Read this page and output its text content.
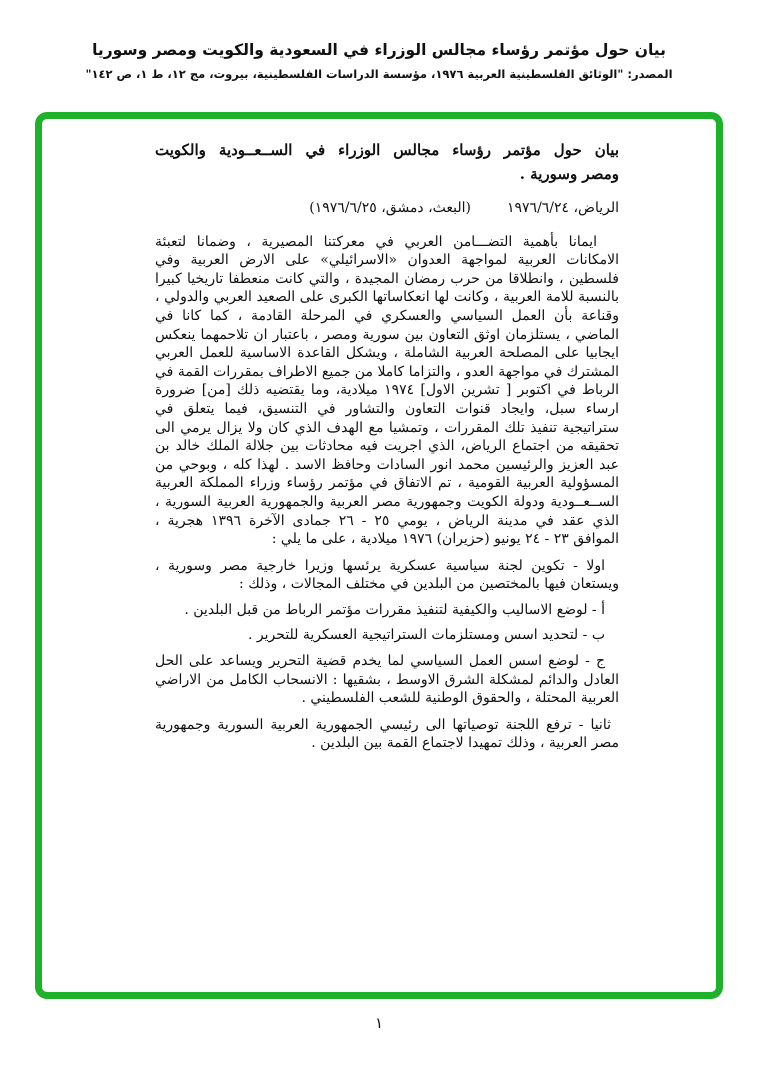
بيان حول مؤتمر رؤساء مجالس الوزراء في السعودية والكويت ومصر وسوريا
المصدر: "الوثائق الفلسطينية العربية ١٩٧٦، مؤسسة الدراسات الفلسطينية، بيروت، مج ١٢، ط ١، ص ١٤٢"
بيان حول مؤتمر رؤساء مجالس الوزراء في الســعــودية والكويت
ومصر وسورية .
الرياض، ١٩٧٦/٦/٢٤
(البعث، دمشق، ١٩٧٦/٦/٢٥)

ايمانا بأهمية التضـــامن العربي في معركتنا المصيرية ، وضمانا لتعبئة الامكانات العربية لمواجهة العدوان «الاسرائيلي» على الارض العربية وفي فلسطين ، وانطلاقا من حرب رمضان المجيدة ، والتي كانت منعطفا تاريخيا كبيرا بالنسبة للامة العربية ، وكانت لها انعكاساتها الكبرى على الصعيد العربي والدولي ، وقناعة بأن العمل السياسي والعسكري في المرحلة القادمة ، كما كانا في الماضي ، يستلزمان اوثق التعاون بين سورية ومصر ، باعتبار ان تلاحمهما ينعكس ايجابيا على المصلحة العربية الشاملة ، ويشكل القاعدة الاساسية للعمل العربي المشترك في مواجهة العدو ، والتزاما كاملا من جميع الاطراف بمقررات القمة في الرباط في اكتوبر [ تشرين الاول] ١٩٧٤ ميلادية، وما يقتضيه ذلك [من] ضرورة ارساء سبل، وايجاد قنوات التعاون والتشاور في التنسيق، فيما يتعلق في ستراتيجية تنفيذ تلك المقررات ، وتمشيا مع الهدف الذي كان ولا يزال يرمي الى تحقيقه من اجتماع الرياض، الذي اجريت فيه محادثات بين جلالة الملك خالد بن عبد العزيز والرئيسين محمد انور السادات وحافظ الاسد . لهذا كله ، وبوحي من المسؤولية العربية القومية ، تم الاتفاق في مؤتمر رؤساء وزراء المملكة العربية الســعــودية ودولة الكويت وجمهورية مصر العربية والجمهورية العربية السورية ، الذي عقد في مدينة الرياض ، يومي ٢٥ - ٢٦ جمادى الآخرة ١٣٩٦ هجرية ، الموافق ٢٣ - ٢٤ يونيو (حزيران) ١٩٧٦ ميلادية ، على ما يلي :

اولا - تكوين لجنة سياسية عسكرية يرئسها وزيرا خارجية مصر وسورية ، ويستعان فيها بالمختصين من البلدين في مختلف المجالات ، وذلك :

أ - لوضع الاساليب والكيفية لتنفيذ مقررات مؤتمر الرباط من قبل البلدين .

ب - لتحديد اسس ومستلزمات الستراتيجية العسكرية للتحرير .

ج - لوضع اسس العمل السياسي لما يخدم قضية التحرير ويساعد على الحل العادل والدائم لمشكلة الشرق الاوسط ، بشقيها : الانسحاب الكامل من الاراضي العربية المحتلة ، والحقوق الوطنية للشعب الفلسطيني .

ثانيا - ترفع اللجنة توصياتها الى رئيسي الجمهورية العربية السورية وجمهورية مصر العربية ، وذلك تمهيدا لاجتماع القمة بين البلدين .

١
